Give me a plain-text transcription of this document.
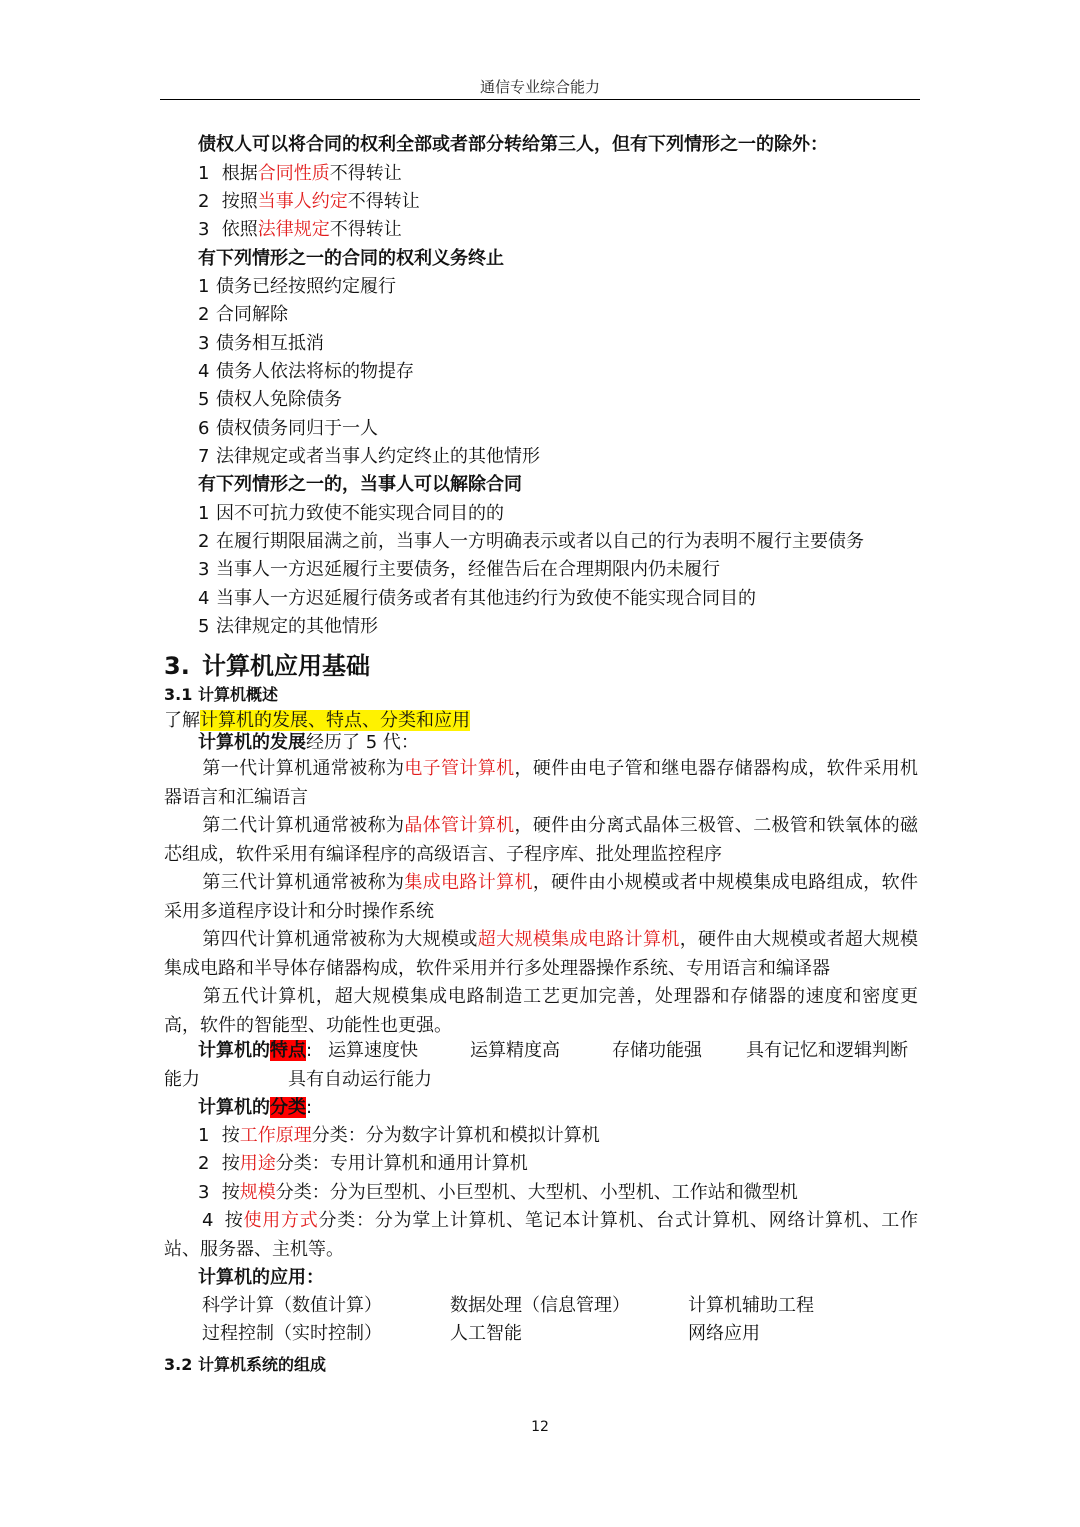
通信专业综合能力
债权人可以将合同的权利全部或者部分转给第三人，但有下列情形之一的除外：
1 根据合同性质不得转让
2 按照当事人约定不得转让
3 依照法律规定不得转让
有下列情形之一的合同的权利义务终止
1 债务已经按照约定履行
2 合同解除
3 债务相互抵消
4 债务人依法将标的物提存
5 债权人免除债务
6 债权债务同归于一人
7 法律规定或者当事人约定终止的其他情形
有下列情形之一的，当事人可以解除合同
1 因不可抗力致使不能实现合同目的的
2 在履行期限届满之前，当事人一方明确表示或者以自己的行为表明不履行主要债务
3 当事人一方迟延履行主要债务，经催告后在合理期限内仍未履行
4 当事人一方迟延履行债务或者有其他违约行为致使不能实现合同目的
5 法律规定的其他情形
3. 计算机应用基础
3.1 计算机概述
了解计算机的发展、特点、分类和应用
计算机的发展经历了 5 代：
第一代计算机通常被称为电子管计算机，硬件由电子管和继电器存储器构成，软件采用机器语言和汇编语言
第二代计算机通常被称为晶体管计算机，硬件由分离式晶体三极管、二极管和铁氧体的磁芯组成，软件采用有编译程序的高级语言、子程序库、批处理监控程序
第三代计算机通常被称为集成电路计算机，硬件由小规模或者中规模集成电路组成，软件采用多道程序设计和分时操作系统
第四代计算机通常被称为大规模或超大规模集成电路计算机，硬件由大规模或者超大规模集成电路和半导体存储器构成，软件采用并行多处理器操作系统、专用语言和编译器
第五代计算机，超大规模集成电路制造工艺更加完善，处理器和存储器的速度和密度更高，软件的智能型、功能性也更强。
计算机的特点: 运算速度快	运算精度高	存储功能强 具有记忆和逻辑判断
能力	具有自动运行能力
计算机的分类:
1 按工作原理分类：分为数字计算机和模拟计算机
2 按用途分类：专用计算机和通用计算机
3 按规模分类：分为巨型机、小巨型机、大型机、小型机、工作站和微型机
4 按使用方式分类：分为掌上计算机、笔记本计算机、台式计算机、网络计算机、工作站、服务器、主机等。
计算机的应用：
科学计算（数值计算）	数据处理（信息管理）	计算机辅助工程
过程控制（实时控制）	人工智能	网络应用
3.2 计算机系统的组成
12
